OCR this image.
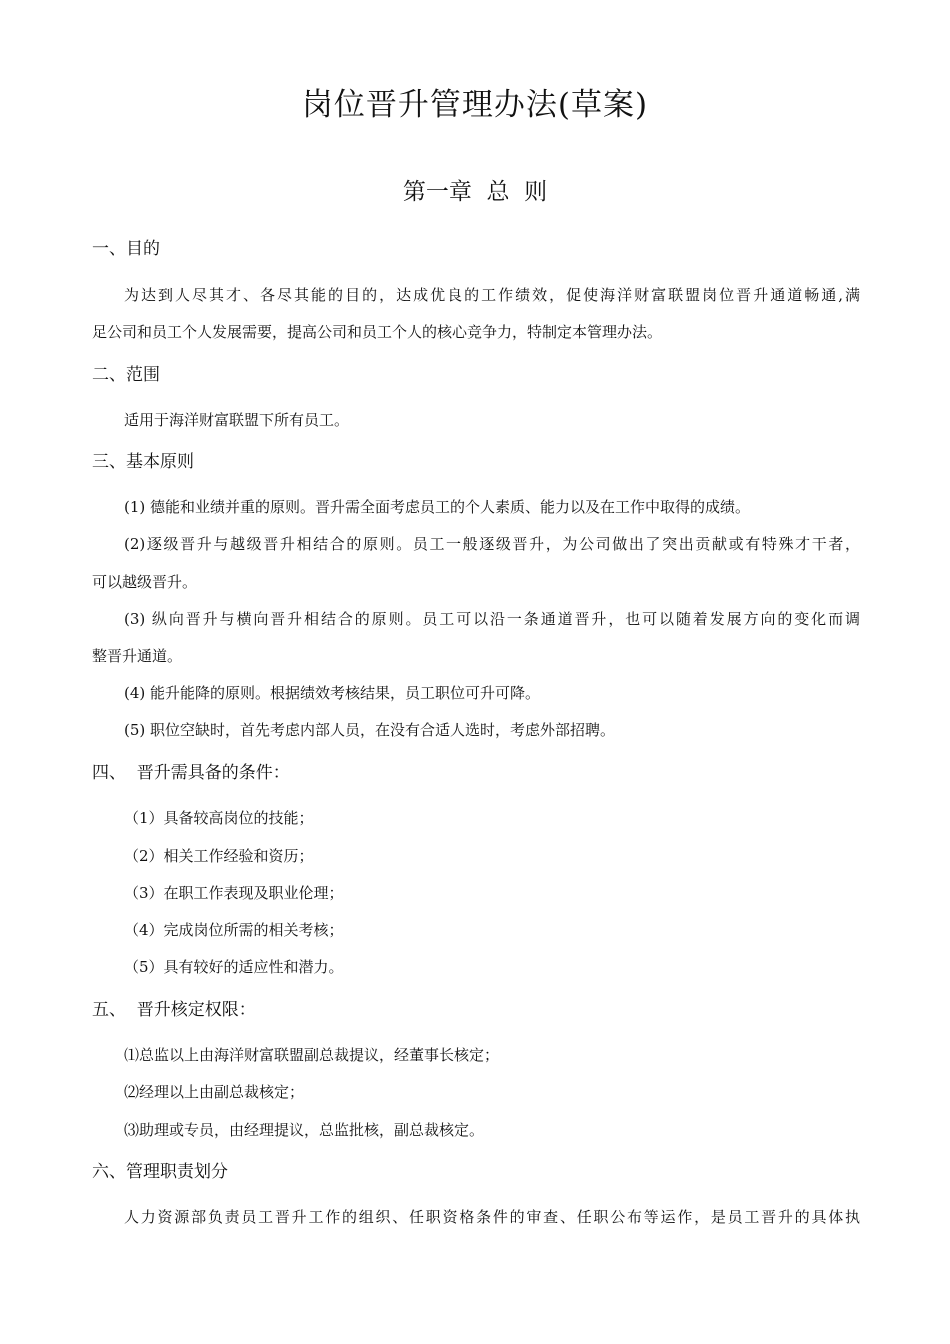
岗位晋升管理办法(草案)
第一章  总  则
一、目的
为达到人尽其才、各尽其能的目的，达成优良的工作绩效，促使海洋财富联盟岗位晋升通道畅通,满
足公司和员工个人发展需要，提高公司和员工个人的核心竞争力，特制定本管理办法。
二、范围
适用于海洋财富联盟下所有员工。
三、基本原则
(1) 德能和业绩并重的原则。晋升需全面考虑员工的个人素质、能力以及在工作中取得的成绩。
(2)逐级晋升与越级晋升相结合的原则。员工一般逐级晋升，为公司做出了突出贡献或有特殊才干者，
可以越级晋升。
(3) 纵向晋升与横向晋升相结合的原则。员工可以沿一条通道晋升，也可以随着发展方向的变化而调
整晋升通道。
(4) 能升能降的原则。根据绩效考核结果，员工职位可升可降。
(5) 职位空缺时，首先考虑内部人员，在没有合适人选时，考虑外部招聘。
四、  晋升需具备的条件：
（1）具备较高岗位的技能；
（2）相关工作经验和资历；
（3）在职工作表现及职业伦理；
（4）完成岗位所需的相关考核；
（5）具有较好的适应性和潜力。
五、  晋升核定权限：
⑴总监以上由海洋财富联盟副总裁提议，经董事长核定；
⑵经理以上由副总裁核定；
⑶助理或专员，由经理提议，总监批核，副总裁核定。
六、管理职责划分
人力资源部负责员工晋升工作的组织、任职资格条件的审查、任职公布等运作，是员工晋升的具体执
